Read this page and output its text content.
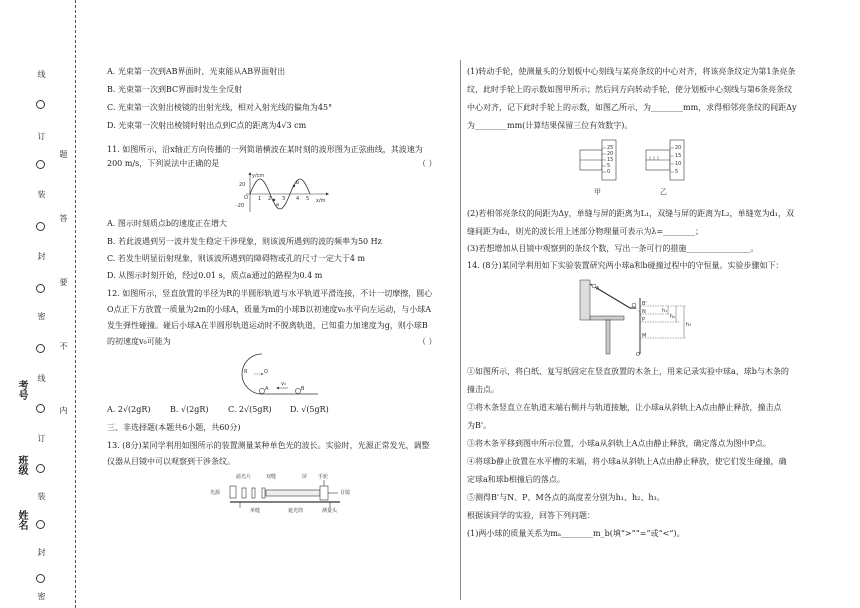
线
订
装
封
密
线
订
装
封
密
题
答
要
不
内
姓名
班级
考号
A. 光束第一次到AB界面时，光束能从AB界面射出
B. 光束第一次到BC界面时发生全反射
C. 光束第一次射出棱镜的出射光线，相对入射光线的偏角为45°
D. 光束第一次射出棱镜时射出点到C点的距离为4√3 cm
11. 如图所示，沿x轴正方向传播的一列简谐横波在某时刻的波形图为正弦曲线，其波速为
200 m/s，下列说法中正确的是	（ ）
y/cm
x/m
20
-20
O 1 2 3 4 5
a
b
A. 图示时刻质点b的速度正在增大
B. 若此波遇到另一波并发生稳定干涉现象，则该波所遇到的波的频率为50 Hz
C. 若发生明显衍射现象，则该波所遇到的障碍物或孔的尺寸一定大于4 m
D. 从图示时刻开始，经过0.01 s，质点a通过的路程为0.4 m
12. 如图所示，竖直放置的半径为R的半圆形轨道与水平轨道平滑连接，不计一切摩擦，圆心
O点正下方放置一质量为2m的小球A，质量为m的小球B以初速度v₀水平向左运动，与小球A
发生弹性碰撞。碰后小球A在半圆形轨道运动时不脱离轨道，已知重力加速度为g，则小球B
的初速度v₀可能为	（ ）
R	O
A	B
v₀
A. 2√(2gR) B. √(2gR) C. 2√(5gR) D. √(5gR)
三、非选择题(本题共6小题，共60分)
13. (8分)某同学利用如图所示的装置测量某种单色光的波长。实验时，光源正常发光，调整
仪器从目镜中可以观察到干涉条纹。
滤光片	双缝	屏 手轮
目镜
光源
单缝	遮光筒	测量头
(1)转动手轮，使测量头的分划板中心刻线与某亮条纹的中心对齐，将该亮条纹定为第1条亮条
纹，此时手轮上的示数如图甲所示；然后同方向转动手轮，使分划板中心刻线与第6条亮条纹
中心对齐，记下此时手轮上的示数，如图乙所示，为________mm，求得相邻亮条纹的间距Δy
为________mm(计算结果保留三位有效数字)。
25
20
15
5
0
20
15
10
5
甲	乙
(2)若相邻亮条纹的间距为Δy，单缝与屏的距离为L₁，双缝与屏的距离为L₂，单缝宽为d₁，双
缝间距为d₂，则光的波长用上述部分物理量可表示为λ=________；
(3)若想增加从目镜中观察到的条纹个数，写出一条可行的措施________________。
14. (8分)某同学利用如下实验装置研究两小球a和b碰撞过程中的守恒量。实验步骤如下：
A
B'
N
P
M
O
h₁
h₂
h₃
①如图所示，将白纸、复写纸固定在竖直放置的木条上，用来记录实验中球a、球b与木条的
撞击点。
②将木条竖直立在轨道末端右侧并与轨道接触，让小球a从斜轨上A点由静止释放，撞击点
为B'。
③将木条平移到图中所示位置，小球a从斜轨上A点由静止释放，确定落点为图中P点。
④将球b静止放置在水平槽的末端，将小球a从斜轨上A点由静止释放，使它们发生碰撞，确
定球a和球b相撞后的落点。
⑤测得B'与N、P、M各点的高度差分别为h₁、h₂、h₃。
根据该同学的实验，回答下列问题：
(1)两小球的质量关系为mₐ________m_b(填“>”“=”或“<”)。
